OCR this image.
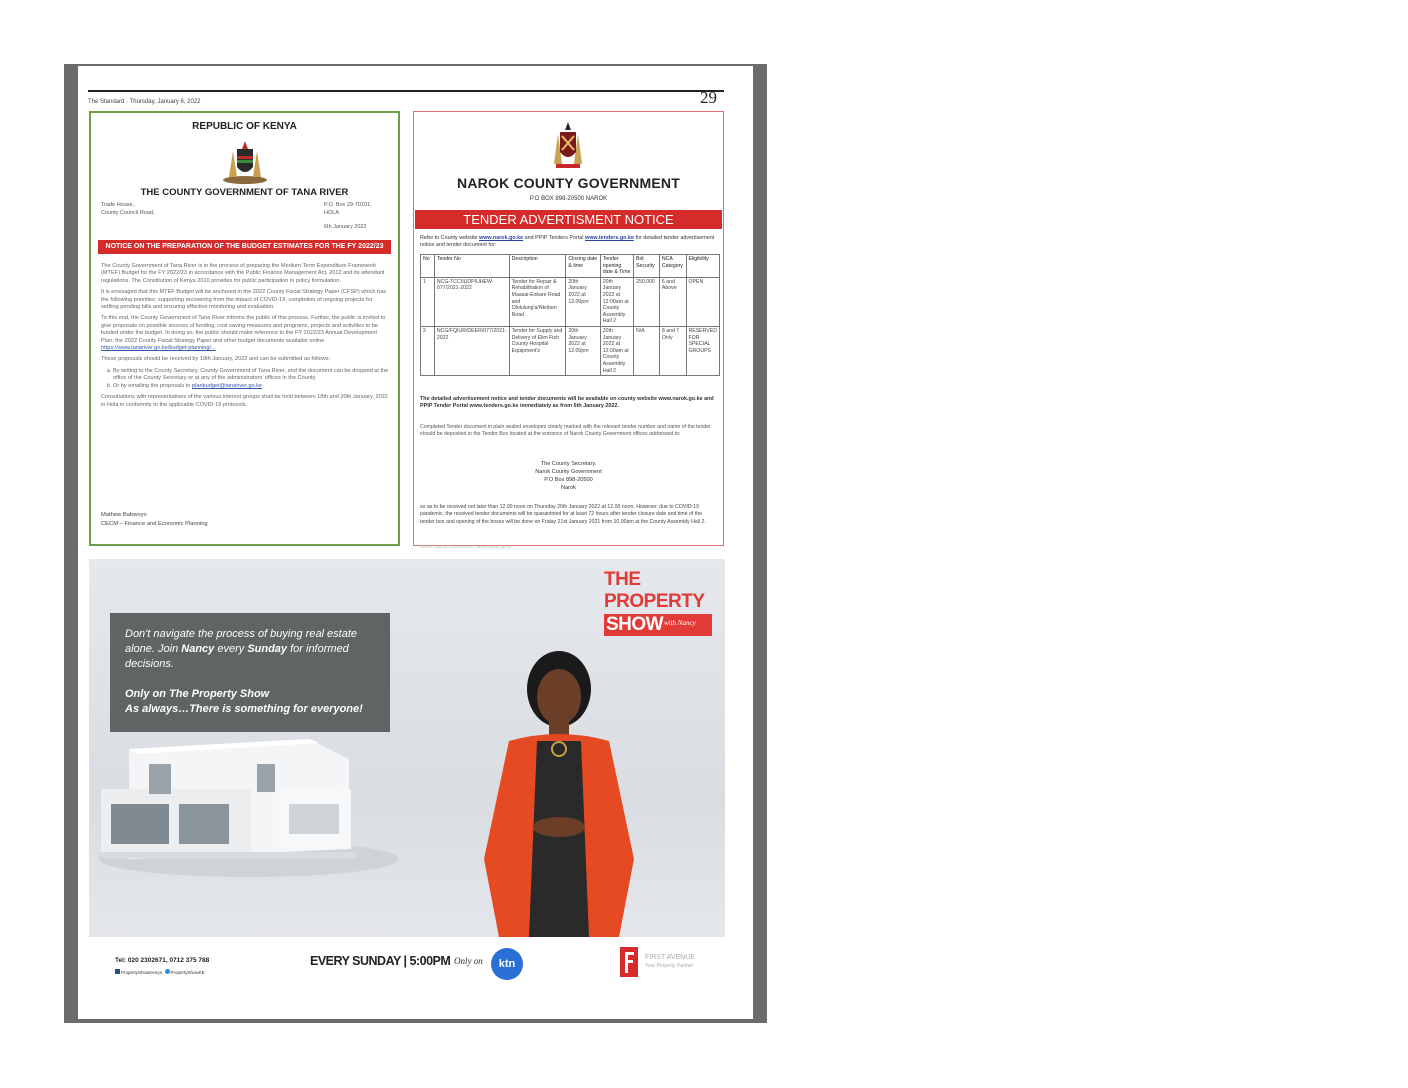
The Standard · Thursday, January 6, 2022	29
REPUBLIC OF KENYA
THE COUNTY GOVERNMENT OF TANA RIVER
Trade House,
County Council Road,
P.O. Box 29-70101,
HOLA
6th January 2022
NOTICE ON THE PREPARATION OF THE BUDGET ESTIMATES FOR THE FY 2022/23

The County Government of Tana River is in the process of preparing the Medium-Term Expenditure Framework (MTEF) Budget for the FY 2022/23 in accordance with the Public Finance Management Act, 2012 and its attendant regulations. The Constitution of Kenya 2010 provides for public participation in policy formulation.

It is envisaged that this MTEF Budget will be anchored in the 2022 County Fiscal Strategy Paper (CFSP) which has the following priorities: supporting recovering from the impact of COVID-19, completion of ongoing projects for settling pending bills and ensuring effective monitoring and evaluation.

To this end, the County Government of Tana River informs the public of this process. Further, the public is invited to give proposals on possible sources of funding, cost saving measures and programs, projects and activities to be funded under the budget. In doing so, the public should make reference to the FY 2022/23 Annual Development Plan, the 2022 County Fiscal Strategy Paper and other budget documents available online https://www.tanariver.go.ke/budget-planning/...

These proposals should be received by 19th January, 2022 and can be submitted as follows:

a. By writing to the County Secretary, County Government of Tana River, and the document can be dropped at the office of the County Secretary or at any of the administrators' offices in the County.
b. Or by emailing the proposals to planbudget@tanariver.go.ke

Consultations with representatives of the various interest groups shall be held between 18th and 20th January, 2022 in Hola in conformity to the applicable COVID-19 protocols.

Mathew Babwoyo
CECM – Finance and Economic Planning
NAROK COUNTY GOVERNMENT
P.O BOX 898-20500 NAROK
TENDER ADVERTISMENT NOTICE
Refer to County website www.narok.go.ke and PPIP Tenders Portal www.tenders.go.ke for detailed tender advertisement notice and tender document for:
No	Tender No	Description	Closing date & time	Tender opening date & Time	Bid Security	NCA Category	Eligibility
1	NCG-TCCIIUDPIUHEW-077/2021-2022	Tender for Repair & Rehabilitation of Maasai-Enkare Road and Ololulung'a/Nkoben Road	20th January 2022 at 12.00pm	20th January 2022 at 12:00am at County Assembly Hall 2	250,000	6 and Above	OPEN
2	NCG/FQIUR/DEER/077/2021-2022	Tender for Supply and Delivery of Elim Fish County Hospital Equipment's	20th January 2022 at 12.00pm	20th January 2022 at 12:00am at County Assembly Hall 2	N/A	8 and 7 Only	RESERVED FOR SPECIAL GROUPS
The detailed advertisement notice and tender documents will be available on county website www.narok.go.ke and PPIP Tender Portal www.tenders.go.ke immediately as from 6th January 2022.
Completed Tender document in plain sealed envelopes clearly marked with the relevant tender number and name of the tender should be deposited in the Tender Box located at the entrance of Narok County Government offices addressed to:
The County Secretary,
Narok County Government
P.O Box 898-20500
Narok
so as to be received not later than 12.00 noon on Thursday 20th January 2022 at 12.00 noon. However, due to COVID-19 pandemic, the received tender documents will be quarantined for at least 72 hours after tender closure date and time of the tender box and opening of the boxes will be done on Friday 21st January 2021 from 10.00am at the County Assembly Hall 2.
Narok County Government | www.narok.go.ke
Don't navigate the process of buying real estate alone. Join Nancy every Sunday for informed decisions.
Only on The Property Show
As always…There is something for everyone!
THE
PROPERTY
SHOW with Nancy
Tel: 020 2302671, 0712 375 788
PropertyShowKenya PropertyShowKE
EVERY SUNDAY | 5:00PM Only on	ktn
FIRST AVENUE
Your Property Partner
